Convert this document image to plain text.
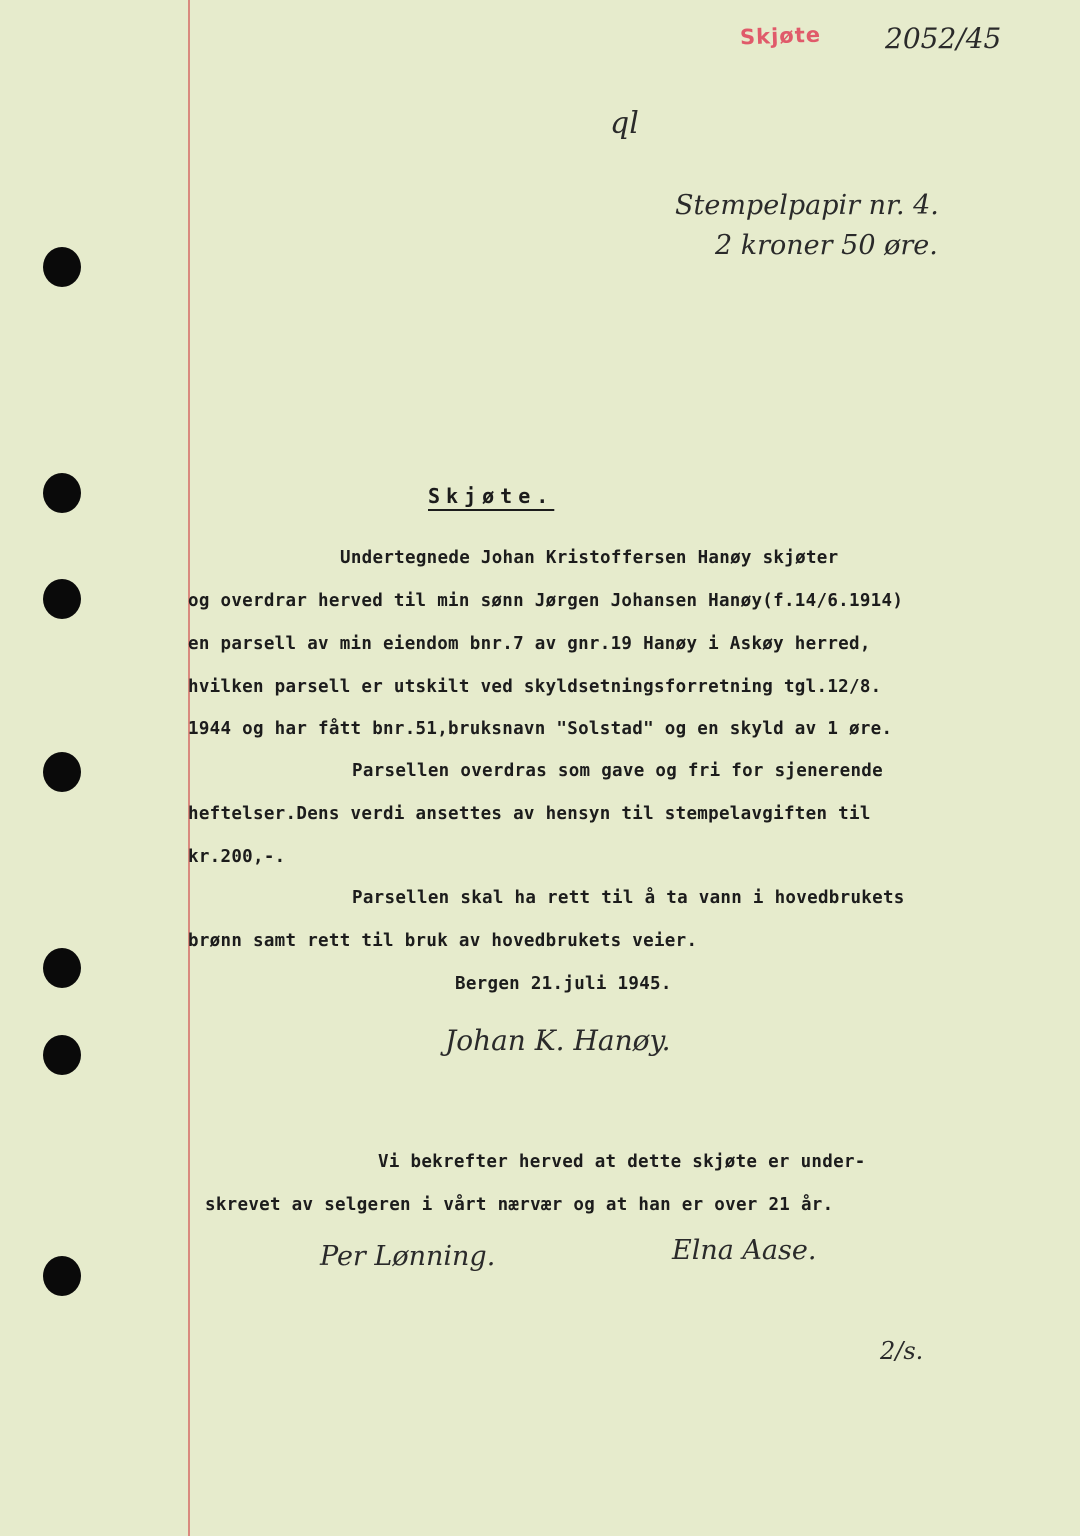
Skjøte 2052/45
ql
Stempelpapir nr. 4.
2 kroner 50 øre.
Skjøte.
Undertegnede Johan Kristoffersen Hanøy skjøter
og overdrar herved til min sønn Jørgen Johansen Hanøy(f.14/6.1914)
en parsell av min eiendom bnr.7 av gnr.19 Hanøy i Askøy herred,
hvilken parsell er utskilt ved skyldsetningsforretning tgl.12/8.
1944 og har fått bnr.51,bruksnavn "Solstad" og en skyld av 1 øre.
Parsellen overdras som gave og fri for sjenerende
heftelser.Dens verdi ansettes av hensyn til stempelavgiften til
kr.200,-.
Parsellen skal ha rett til å ta vann i hovedbrukets
brønn samt rett til bruk av hovedbrukets veier.
Bergen 21.juli 1945.
Johan K. Hanøy.
Vi bekrefter herved at dette skjøte er under-
skrevet av selgeren i vårt nærvær og at han er over 21 år.
Per Lønning.	Elna Aase.
2/s.
